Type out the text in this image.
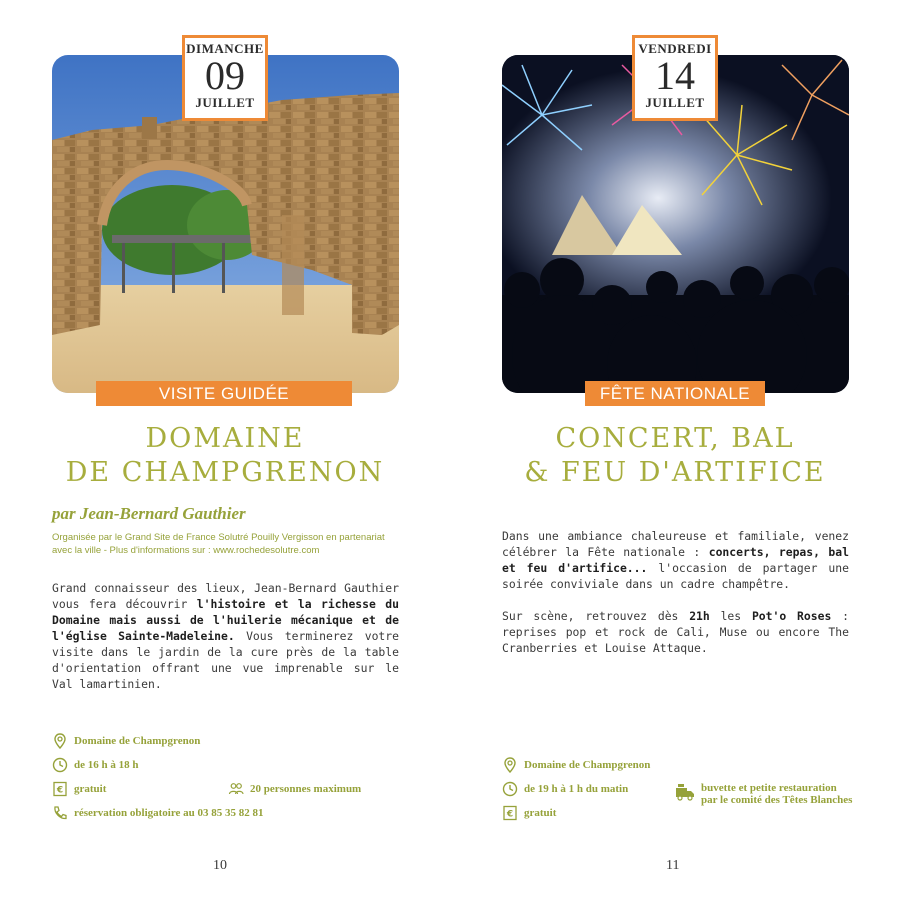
DIMANCHE
09
JUILLET
VISITE GUIDÉE
DOMAINE
DE CHAMPGRENON
par Jean-Bernard Gauthier
Organisée par le Grand Site de France Solutré Pouilly Vergisson en partenariat
avec la ville - Plus d'informations sur : www.rochedesolutre.com
Grand connaisseur des lieux, Jean-Bernard Gauthier vous fera découvrir l'histoire et la richesse du Domaine mais aussi de l'huilerie mécanique et de l'église Sainte-Madeleine. Vous terminerez votre visite dans le jardin de la cure près de la table d'orientation offrant une vue imprenable sur le Val lamartinien.
Domaine de Champgrenon
de 16 h à 18 h
€ gratuit	20 personnes maximum
réservation obligatoire au 03 85 35 82 81
10
VENDREDI
14
JUILLET
FÊTE NATIONALE
CONCERT, BAL
& FEU D'ARTIFICE
Dans une ambiance chaleureuse et familiale, venez célébrer la Fête nationale : concerts, repas, bal et feu d'artifice... l'occasion de partager une soirée conviviale dans un cadre champêtre.
Sur scène, retrouvez dès 21h les Pot'o Roses : reprises pop et rock de Cali, Muse ou encore The Cranberries et Louise Attaque.
Domaine de Champgrenon
de 19 h à 1 h du matin
€ gratuit
buvette et petite restauration
par le comité des Têtes Blanches
11
